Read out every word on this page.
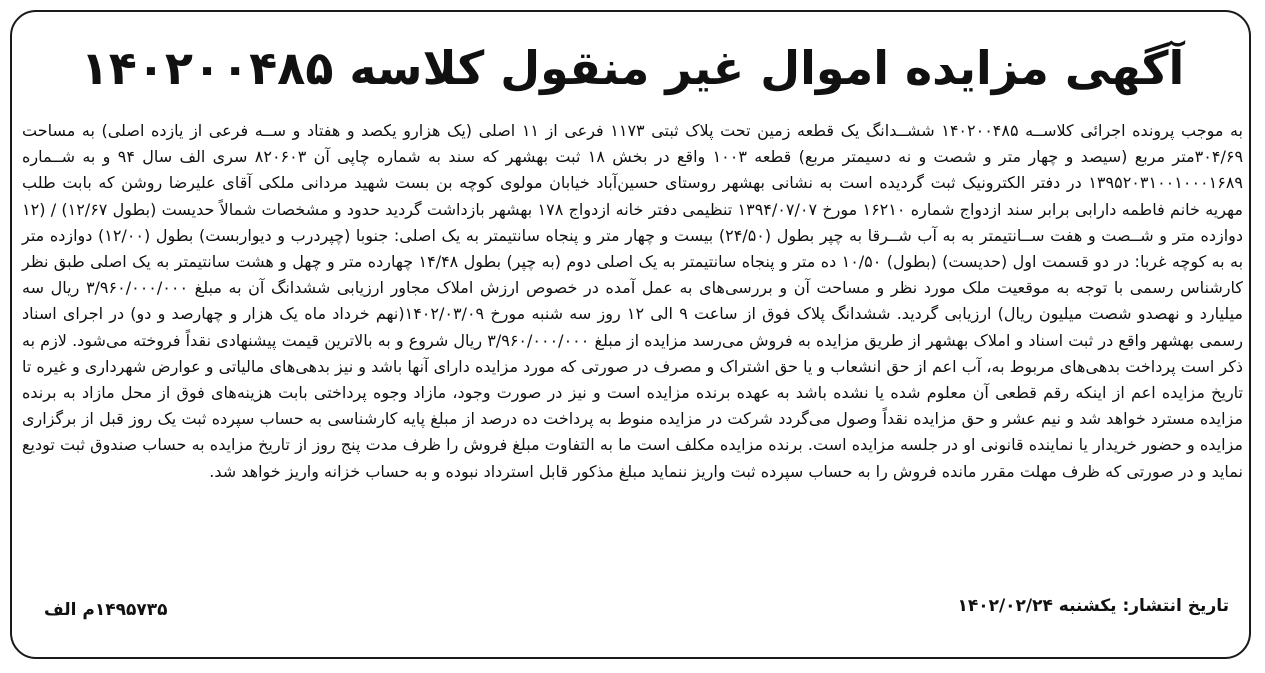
آگهی مزایده اموال غیر منقول کلاسه ۱۴۰۲۰۰۴۸۵

به موجب پرونده اجرائی کلاســه ۱۴۰۲۰۰۴۸۵ ششــدانگ یک قطعه زمین تحت پلاک ثبتی ۱۱۷۳ فرعی از ۱۱ اصلی (یک هزارو یکصد و هفتاد و ســه فرعی از یازده اصلی) به مساحت ۳۰۴/۶۹متر مربع (سیصد و چهار متر و شصت و نه دسیمتر مربع) قطعه ۱۰۰۳ واقع در بخش ۱۸ ثبت بهشهر که سند به شماره چاپی آن ۸۲۰۶۰۳ سری الف سال ۹۴ و به شــماره ۱۳۹۵۲۰۳۱۰۰۱۰۰۰۱۶۸۹ در دفتر الکترونیک ثبت گردیده است به نشانی بهشهر روستای حسین‌آباد خیابان مولوی کوچه بن بست شهید مردانی ملکی آقای علیرضا روشن که بابت طلب مهریه خانم فاطمه دارابی برابر سند ازدواج شماره ۱۶۲۱۰ مورخ ۱۳۹۴/۰۷/۰۷ تنظیمی دفتر خانه ازدواج ۱۷۸ بهشهر بازداشت گردید حدود و مشخصات شمالاً حدیست (بطول ۱۲/۶۷) / (۱۲ دوازده متر و شــصت و هفت ســانتیمتر به به آب شــرقا به چپر بطول (۲۴/۵۰) بیست و چهار متر و پنجاه سانتیمتر به یک اصلی: جنوبا (چپردرب و دیواربست) بطول (۱۲/۰۰) دوازده متر به به کوچه غربا: در دو قسمت اول (حدیست) (بطول) ۱۰/۵۰ ده متر و پنجاه سانتیمتر به یک اصلی دوم (به چپر) بطول ۱۴/۴۸ چهارده متر و چهل و هشت سانتیمتر به یک اصلی طبق نظر کارشناس رسمی با توجه به موقعیت ملک مورد نظر و مساحت آن و بررسی‌های به عمل آمده در خصوص ارزش املاک مجاور ارزیابی ششدانگ آن به مبلغ ۳/۹۶۰/۰۰۰/۰۰۰ ریال سه میلیارد و نهصدو شصت میلیون ریال) ارزیابی گردید. ششدانگ پلاک فوق از ساعت ۹ الی ۱۲ روز سه شنبه مورخ ۱۴۰۲/۰۳/۰۹(نهم خرداد ماه یک هزار و چهارصد و دو) در اجرای اسناد رسمی بهشهر واقع در ثبت اسناد و املاک بهشهر از طریق مزایده به فروش می‌رسد مزایده از مبلغ ۳/۹۶۰/۰۰۰/۰۰۰ ریال شروع و به بالاترین قیمت پیشنهادی نقداً فروخته می‌شود. لازم به ذکر است پرداخت بدهی‌های مربوط به، آب اعم از حق انشعاب و یا حق اشتراک و مصرف در صورتی که مورد مزایده دارای آنها باشد و نیز بدهی‌های مالیاتی و عوارض شهرداری و غیره تا تاریخ مزایده اعم از اینکه رقم قطعی آن معلوم شده یا نشده باشد به عهده برنده مزایده است و نیز در صورت وجود، مازاد وجوه پرداختی بابت هزینه‌های فوق از محل مازاد به برنده مزایده مسترد خواهد شد و نیم عشر و حق مزایده نقداً وصول می‌گردد شرکت در مزایده منوط به پرداخت ده درصد از مبلغ پایه کارشناسی به حساب سپرده ثبت یک روز قبل از برگزاری مزایده و حضور خریدار یا نماینده قانونی او در جلسه مزایده است. برنده مزایده مکلف است ما به التفاوت مبلغ فروش را ظرف مدت پنج روز از تاریخ مزایده به حساب صندوق ثبت تودیع نماید و در صورتی که ظرف مهلت مقرر مانده فروش را به حساب سپرده ثبت واریز ننماید مبلغ مذکور قابل استرداد نبوده و به حساب خزانه واریز خواهد شد.

تاریخ انتشار: یکشنبه ۱۴۰۲/۰۲/۲۴
۱۴۹۵۷۳۵م الف
